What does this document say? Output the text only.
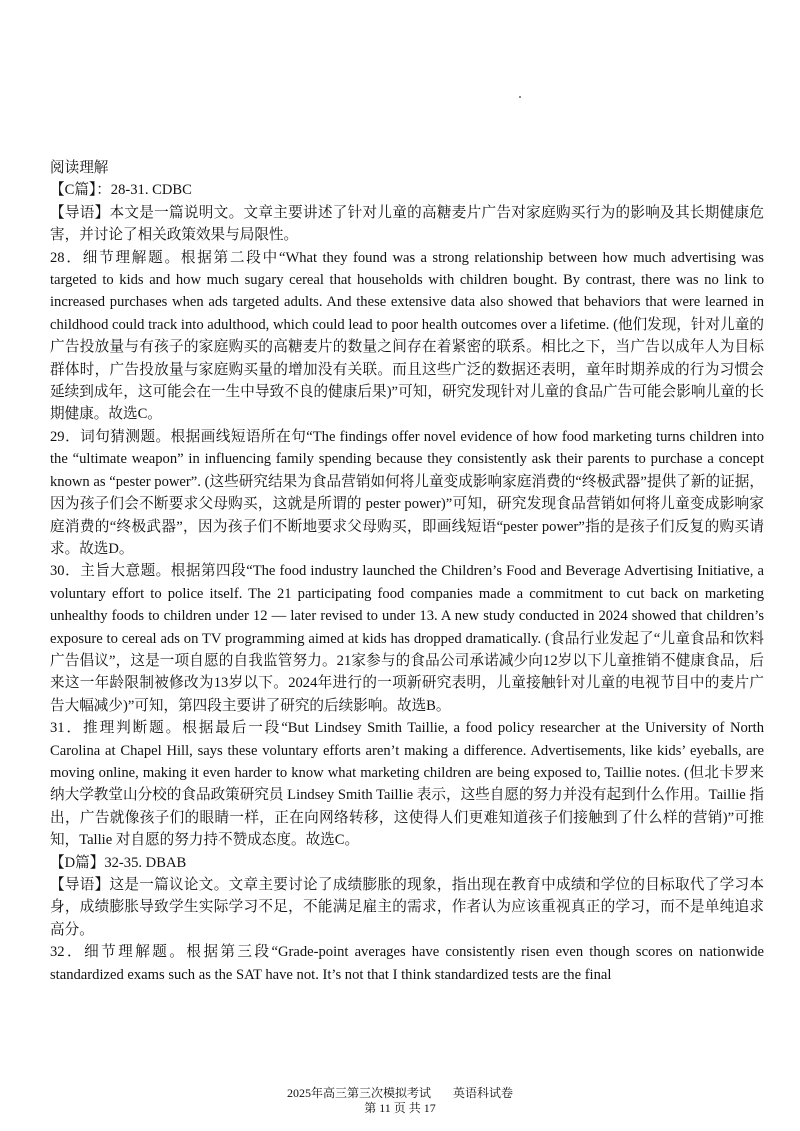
阅读理解

【C篇】：28-31. CDBC

【导语】本文是一篇说明文。文章主要讲述了针对儿童的高糖麦片广告对家庭购买行为的影响及其长期健康危害，并讨论了相关政策效果与局限性。

28．细节理解题。根据第二段中“What they found was a strong relationship between how much advertising was targeted to kids and how much sugary cereal that households with children bought. By contrast, there was no link to increased purchases when ads targeted adults. And these extensive data also showed that behaviors that were learned in childhood could track into adulthood, which could lead to poor health outcomes over a lifetime. (他们发现，针对儿童的广告投放量与有孩子的家庭购买的高糖麦片的数量之间存在着紧密的联系。相比之下，当广告以成年人为目标群体时，广告投放量与家庭购买量的增加没有关联。而且这些广泛的数据还表明，童年时期养成的行为习惯会延续到成年，这可能会在一生中导致不良的健康后果)”可知，研究发现针对儿童的食品广告可能会影响儿童的长期健康。故选C。

29．词句猜测题。根据画线短语所在句“The findings offer novel evidence of how food marketing turns children into the “ultimate weapon” in influencing family spending because they consistently ask their parents to purchase a concept known as “pester power”. (这些研究结果为食品营销如何将儿童变成影响家庭消费的“终极武器”提供了新的证据，因为孩子们会不断要求父母购买，这就是所谓的 pester power)”可知，研究发现食品营销如何将儿童变成影响家庭消费的“终极武器”，因为孩子们不断地要求父母购买，即画线短语“pester power”指的是孩子们反复的购买请求。故选D。

30．主旨大意题。根据第四段“The food industry launched the Children’s Food and Beverage Advertising Initiative, a voluntary effort to police itself. The 21 participating food companies made a commitment to cut back on marketing unhealthy foods to children under 12 — later revised to under 13. A new study conducted in 2024 showed that children’s exposure to cereal ads on TV programming aimed at kids has dropped dramatically. (食品行业发起了“儿童食品和饮料广告倡议”，这是一项自愿的自我监管努力。21家参与的食品公司承诺减少向12岁以下儿童推销不健康食品，后来这一年龄限制被修改为13岁以下。2024年进行的一项新研究表明，儿童接触针对儿童的电视节目中的麦片广告大幅减少)”可知，第四段主要讲了研究的后续影响。故选B。

31．推理判断题。根据最后一段“But Lindsey Smith Taillie, a food policy researcher at the University of North Carolina at Chapel Hill, says these voluntary efforts aren’t making a difference. Advertisements, like kids’ eyeballs, are moving online, making it even harder to know what marketing children are being exposed to, Taillie notes. (但北卡罗来纳大学教堂山分校的食品政策研究员 Lindsey Smith Taillie 表示，这些自愿的努力并没有起到什么作用。Taillie 指出，广告就像孩子们的眼睛一样，正在向网络转移，这使得人们更难知道孩子们接触到了什么样的营销)”可推知，Tallie 对自愿的努力持不赞成态度。故选C。

【D篇】32-35. DBAB

【导语】这是一篇议论文。文章主要讨论了成绩膨胀的现象，指出现在教育中成绩和学位的目标取代了学习本身，成绩膨胀导致学生实际学习不足，不能满足雇主的需求，作者认为应该重视真正的学习，而不是单纯追求高分。

32．细节理解题。根据第三段“Grade-point averages have consistently risen even though scores on nationwide standardized exams such as the SAT have not. It’s not that I think standardized tests are the final

2025年高三第三次模拟考试 英语科试卷
第 11 页 共 17
